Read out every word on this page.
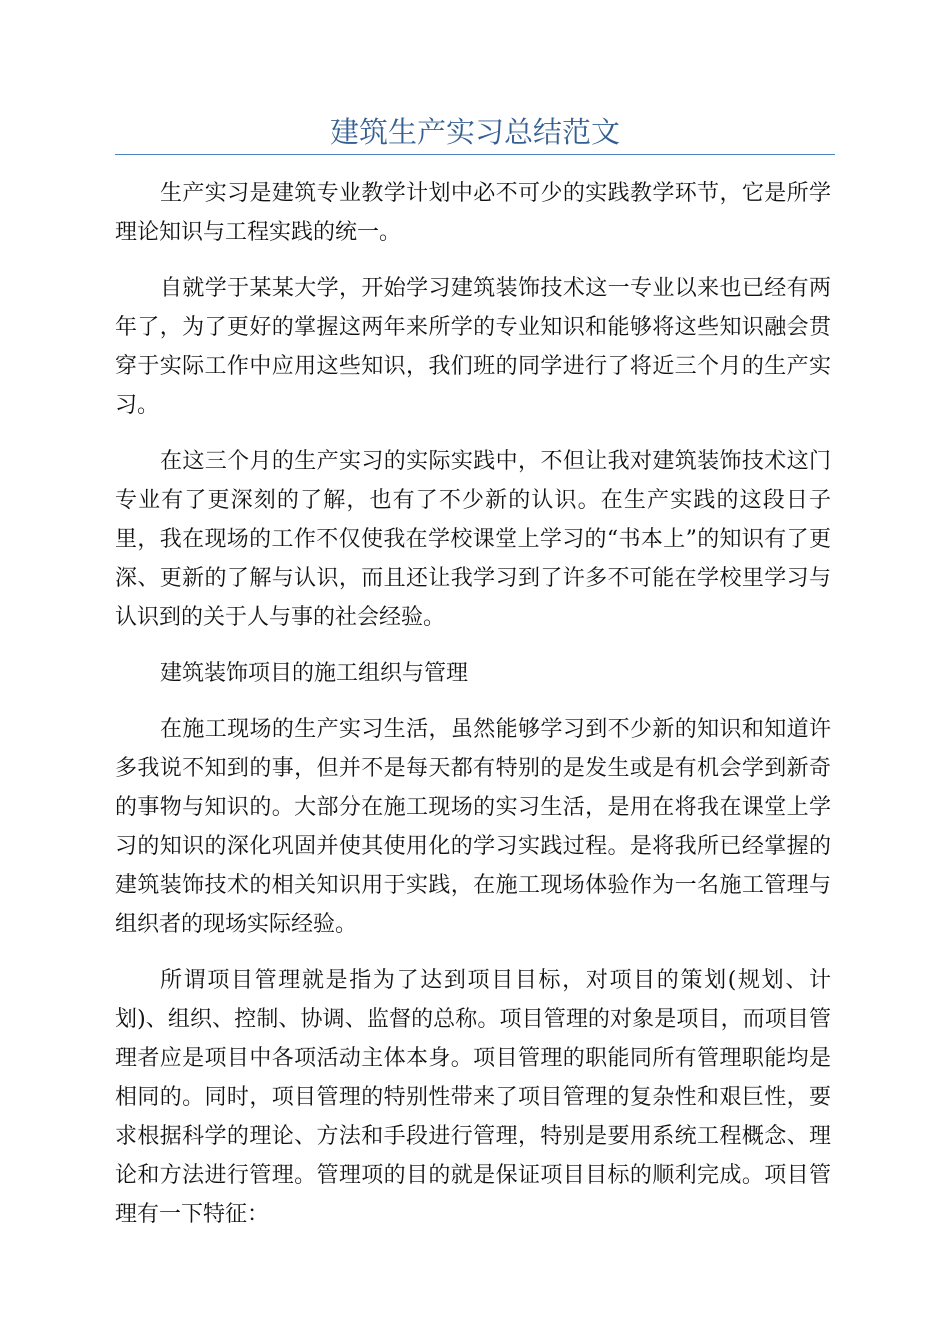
建筑生产实习总结范文

生产实习是建筑专业教学计划中必不可少的实践教学环节，它是所学理论知识与工程实践的统一。

自就学于某某大学，开始学习建筑装饰技术这一专业以来也已经有两年了，为了更好的掌握这两年来所学的专业知识和能够将这些知识融会贯穿于实际工作中应用这些知识，我们班的同学进行了将近三个月的生产实习。

在这三个月的生产实习的实际实践中，不但让我对建筑装饰技术这门专业有了更深刻的了解，也有了不少新的认识。在生产实践的这段日子里，我在现场的工作不仅使我在学校课堂上学习的“书本上”的知识有了更深、更新的了解与认识，而且还让我学习到了许多不可能在学校里学习与认识到的关于人与事的社会经验。

建筑装饰项目的施工组织与管理

在施工现场的生产实习生活，虽然能够学习到不少新的知识和知道许多我说不知到的事，但并不是每天都有特别的是发生或是有机会学到新奇的事物与知识的。大部分在施工现场的实习生活，是用在将我在课堂上学习的知识的深化巩固并使其使用化的学习实践过程。是将我所已经掌握的建筑装饰技术的相关知识用于实践，在施工现场体验作为一名施工管理与组织者的现场实际经验。

所谓项目管理就是指为了达到项目目标，对项目的策划(规划、计划)、组织、控制、协调、监督的总称。项目管理的对象是项目，而项目管理者应是项目中各项活动主体本身。项目管理的职能同所有管理职能均是相同的。同时，项目管理的特别性带来了项目管理的复杂性和艰巨性，要求根据科学的理论、方法和手段进行管理，特别是要用系统工程概念、理论和方法进行管理。管理项的目的就是保证项目目标的顺利完成。项目管理有一下特征：
